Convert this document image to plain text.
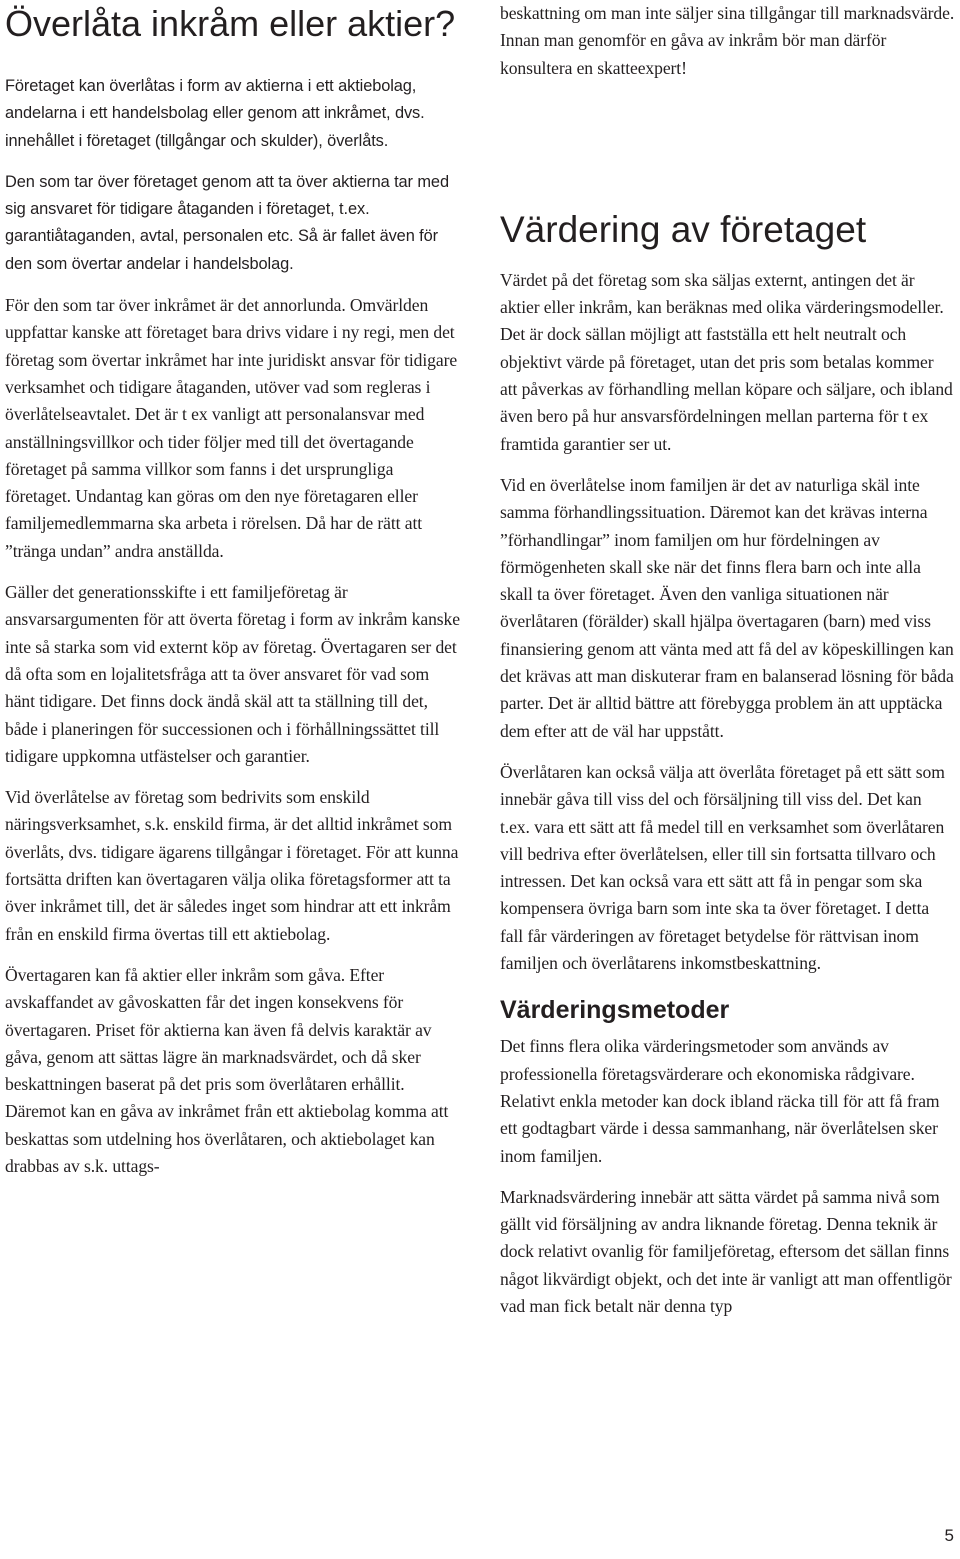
Överlåta inkråm eller aktier?

Företaget kan överlåtas i form av aktierna i ett aktiebolag, andelarna i ett handelsbolag eller genom att inkråmet, dvs. innehållet i företaget (tillgångar och skulder), överlåts.

Den som tar över företaget genom att ta över aktierna tar med sig ansvaret för tidigare åtaganden i företaget, t.ex. garantiåtaganden, avtal, personalen etc. Så är fallet även för den som övertar andelar i handelsbolag.

För den som tar över inkråmet är det annorlunda. Omvärlden uppfattar kanske att företaget bara drivs vidare i ny regi, men det företag som övertar inkråmet har inte juridiskt ansvar för tidigare verksamhet och tidigare åtaganden, utöver vad som regleras i överlåtelseavtalet. Det är t ex vanligt att personalansvar med anställningsvillkor och tider följer med till det övertagande företaget på samma villkor som fanns i det ursprungliga företaget. Undantag kan göras om den nye företagaren eller familjemedlemmarna ska arbeta i rörelsen. Då har de rätt att ”tränga undan” andra anställda.

Gäller det generationsskifte i ett familjeföretag är ansvarsargumenten för att överta företag i form av inkråm kanske inte så starka som vid externt köp av företag. Övertagaren ser det då ofta som en lojalitetsfråga att ta över ansvaret för vad som hänt tidigare. Det finns dock ändå skäl att ta ställning till det, både i planeringen för successionen och i förhållningssättet till tidigare uppkomna utfästelser och garantier.

Vid överlåtelse av företag som bedrivits som enskild näringsverksamhet, s.k. enskild firma, är det alltid inkråmet som överlåts, dvs. tidigare ägarens tillgångar i företaget. För att kunna fortsätta driften kan övertagaren välja olika företagsformer att ta över inkråmet till, det är således inget som hindrar att ett inkråm från en enskild firma övertas till ett aktiebolag.

Övertagaren kan få aktier eller inkråm som gåva. Efter avskaffandet av gåvoskatten får det ingen konsekvens för övertagaren. Priset för aktierna kan även få delvis karaktär av gåva, genom att sättas lägre än marknadsvärdet, och då sker beskattningen baserat på det pris som överlåtaren erhållit. Däremot kan en gåva av inkråmet från ett aktiebolag komma att beskattas som utdelning hos överlåtaren, och aktiebolaget kan drabbas av s.k. uttags-

beskattning om man inte säljer sina tillgångar till marknadsvärde. Innan man genomför en gåva av inkråm bör man därför konsultera en skatteexpert!

Värdering av företaget

Värdet på det företag som ska säljas externt, antingen det är aktier eller inkråm, kan beräknas med olika värderingsmodeller. Det är dock sällan möjligt att fastställa ett helt neutralt och objektivt värde på företaget, utan det pris som betalas kommer att påverkas av förhandling mellan köpare och säljare, och ibland även bero på hur ansvarsfördelningen mellan parterna för t ex framtida garantier ser ut.

Vid en överlåtelse inom familjen är det av naturliga skäl inte samma förhandlingssituation. Däremot kan det krävas interna ”förhandlingar” inom familjen om hur fördelningen av förmögenheten skall ske när det finns flera barn och inte alla skall ta över företaget. Även den vanliga situationen när överlåtaren (förälder) skall hjälpa övertagaren (barn) med viss finansiering genom att vänta med att få del av köpeskillingen kan det krävas att man diskuterar fram en balanserad lösning för båda parter. Det är alltid bättre att förebygga problem än att upptäcka dem efter att de väl har uppstått.

Överlåtaren kan också välja att överlåta företaget på ett sätt som innebär gåva till viss del och försäljning till viss del. Det kan t.ex. vara ett sätt att få medel till en verksamhet som överlåtaren vill bedriva efter överlåtelsen, eller till sin fortsatta tillvaro och intressen. Det kan också vara ett sätt att få in pengar som ska kompensera övriga barn som inte ska ta över företaget. I detta fall får värderingen av företaget betydelse för rättvisan inom familjen och överlåtarens inkomstbeskattning.

Värderingsmetoder

Det finns flera olika värderingsmetoder som används av professionella företagsvärderare och ekonomiska rådgivare. Relativt enkla metoder kan dock ibland räcka till för att få fram ett godtagbart värde i dessa sammanhang, när överlåtelsen sker inom familjen.

Marknadsvärdering innebär att sätta värdet på samma nivå som gällt vid försäljning av andra liknande företag. Denna teknik är dock relativt ovanlig för familjeföretag, eftersom det sällan finns något likvärdigt objekt, och det inte är vanligt att man offentligör vad man fick betalt när denna typ

5
